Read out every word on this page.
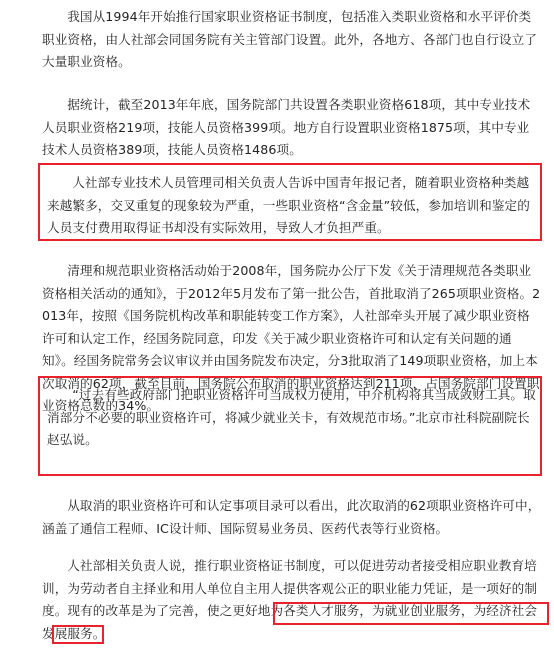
我国从1994年开始推行国家职业资格证书制度，包括准入类职业资格和水平评价类职业资格，由人社部会同国务院有关主管部门设置。此外，各地方、各部门也自行设立了大量职业资格。

据统计，截至2013年年底，国务院部门共设置各类职业资格618项，其中专业技术人员职业资格219项，技能人员资格399项。地方自行设置职业资格1875项，其中专业技术人员资格389项，技能人员资格1486项。

人社部专业技术人员管理司相关负责人告诉中国青年报记者，随着职业资格种类越来越繁多，交叉重复的现象较为严重，一些职业资格“含金量”较低，参加培训和鉴定的人员支付费用取得证书却没有实际效用，导致人才负担严重。

清理和规范职业资格活动始于2008年，国务院办公厅下发《关于清理规范各类职业资格相关活动的通知》，于2012年5月发布了第一批公告，首批取消了265项职业资格。2013年，按照《国务院机构改革和职能转变工作方案》，人社部牵头开展了减少职业资格许可和认定工作，经国务院同意，印发《关于减少职业资格许可和认定有关问题的通知》。经国务院常务会议审议并由国务院发布决定，分3批取消了149项职业资格，加上本次取消的62项，截至目前，国务院公布取消的职业资格达到211项，占国务院部门设置职业资格总数的34%。

“过去有些政府部门把职业资格许可当成权力使用，中介机构将其当成敛财工具。取消部分不必要的职业资格许可，将减少就业关卡，有效规范市场。”北京市社科院副院长赵弘说。

从取消的职业资格许可和认定事项目录可以看出，此次取消的62项职业资格许可中，涵盖了通信工程师、IC设计师、国际贸易业务员、医药代表等行业资格。

人社部相关负责人说，推行职业资格证书制度，可以促进劳动者接受相应职业教育培训，为劳动者自主择业和用人单位自主用人提供客观公正的职业能力凭证，是一项好的制度。现有的改革是为了完善，使之更好地为各类人才服务，为就业创业服务，为经济社会发展服务。
